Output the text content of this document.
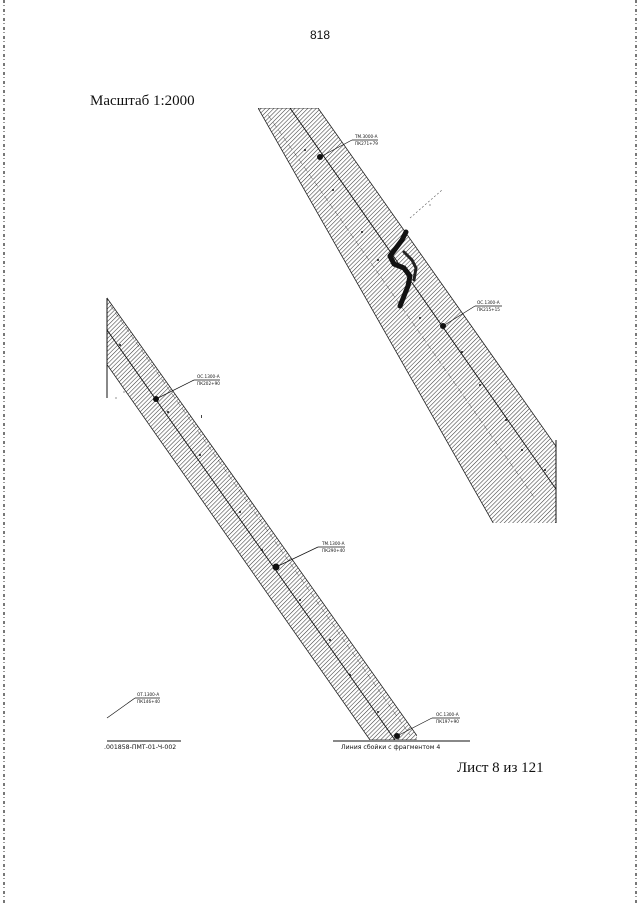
818
Масштаб 1:2000
Лист 8 из 121
ТМ.3000-А
ПК271+79
ОС.1300-А
ПК215+15
ОС.1300-А
ПК202+90
ТМ.1300-А
ПК290+40
ОТ.1300-А
ПК146+40
ОС.1300-А
ПК197+90
.001858-ПМТ-01-Ч-002	Линия сбойки с фрагментом 4
